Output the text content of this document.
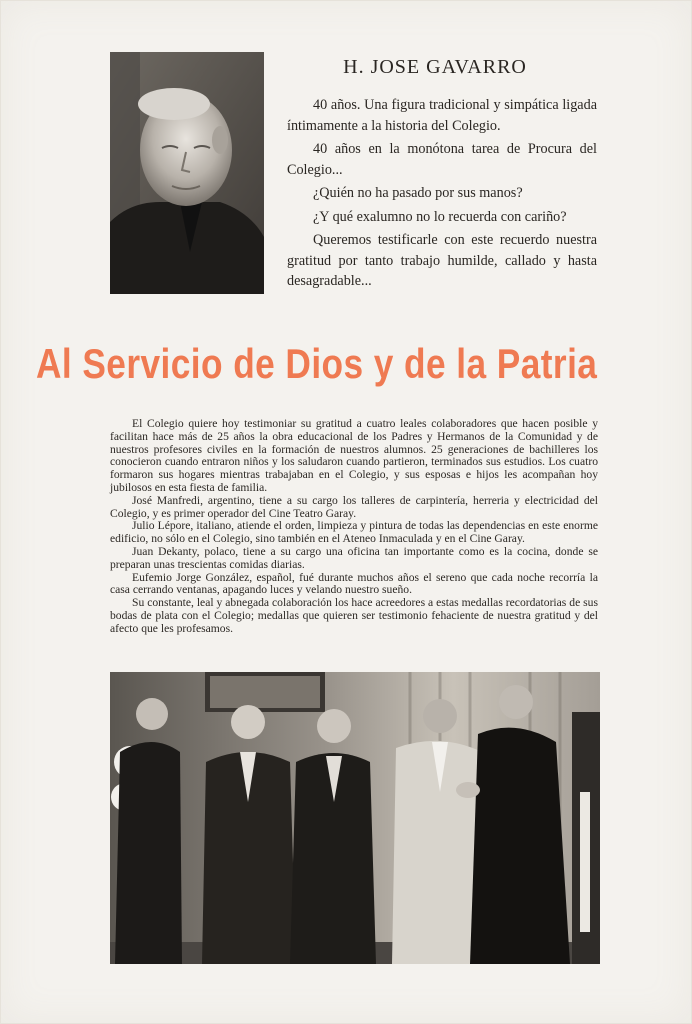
H. JOSE GAVARRO

40 años. Una figura tradicional y simpática ligada íntimamente a la historia del Colegio.

40 años en la monótona tarea de Procura del Colegio...

¿Quién no ha pasado por sus manos?

¿Y qué exalumno no lo recuerda con cariño?

Queremos testificarle con este recuerdo nuestra gratitud por tanto trabajo humilde, callado y hasta desagradable...

Al Servicio de Dios y de la Patria

El Colegio quiere hoy testimoniar su gratitud a cuatro leales colaboradores que hacen posible y facilitan hace más de 25 años la obra educacional de los Padres y Hermanos de la Comunidad y de nuestros profesores civiles en la formación de nuestros alumnos. 25 generaciones de bachilleres los conocieron cuando entraron niños y los saludaron cuando partieron, terminados sus estudios. Los cuatro formaron sus hogares mientras trabajaban en el Colegio, y sus esposas e hijos les acompañan hoy jubilosos en esta fiesta de familia.

José Manfredi, argentino, tiene a su cargo los talleres de carpintería, herreria y electricidad del Colegio, y es primer operador del Cine Teatro Garay.

Julio Lépore, italiano, atiende el orden, limpieza y pintura de todas las dependencias en este enorme edificio, no sólo en el Colegio, sino también en el Ateneo Inmaculada y en el Cine Garay.

Juan Dekanty, polaco, tiene a su cargo una oficina tan importante como es la cocina, donde se preparan unas trescientas comidas diarias.

Eufemio Jorge González, español, fué durante muchos años el sereno que cada noche recorría la casa cerrando ventanas, apagando luces y velando nuestro sueño.

Su constante, leal y abnegada colaboración los hace acreedores a estas medallas recordatorias de sus bodas de plata con el Colegio; medallas que quieren ser testimonio fehaciente de nuestra gratitud y del afecto que les profesamos.
